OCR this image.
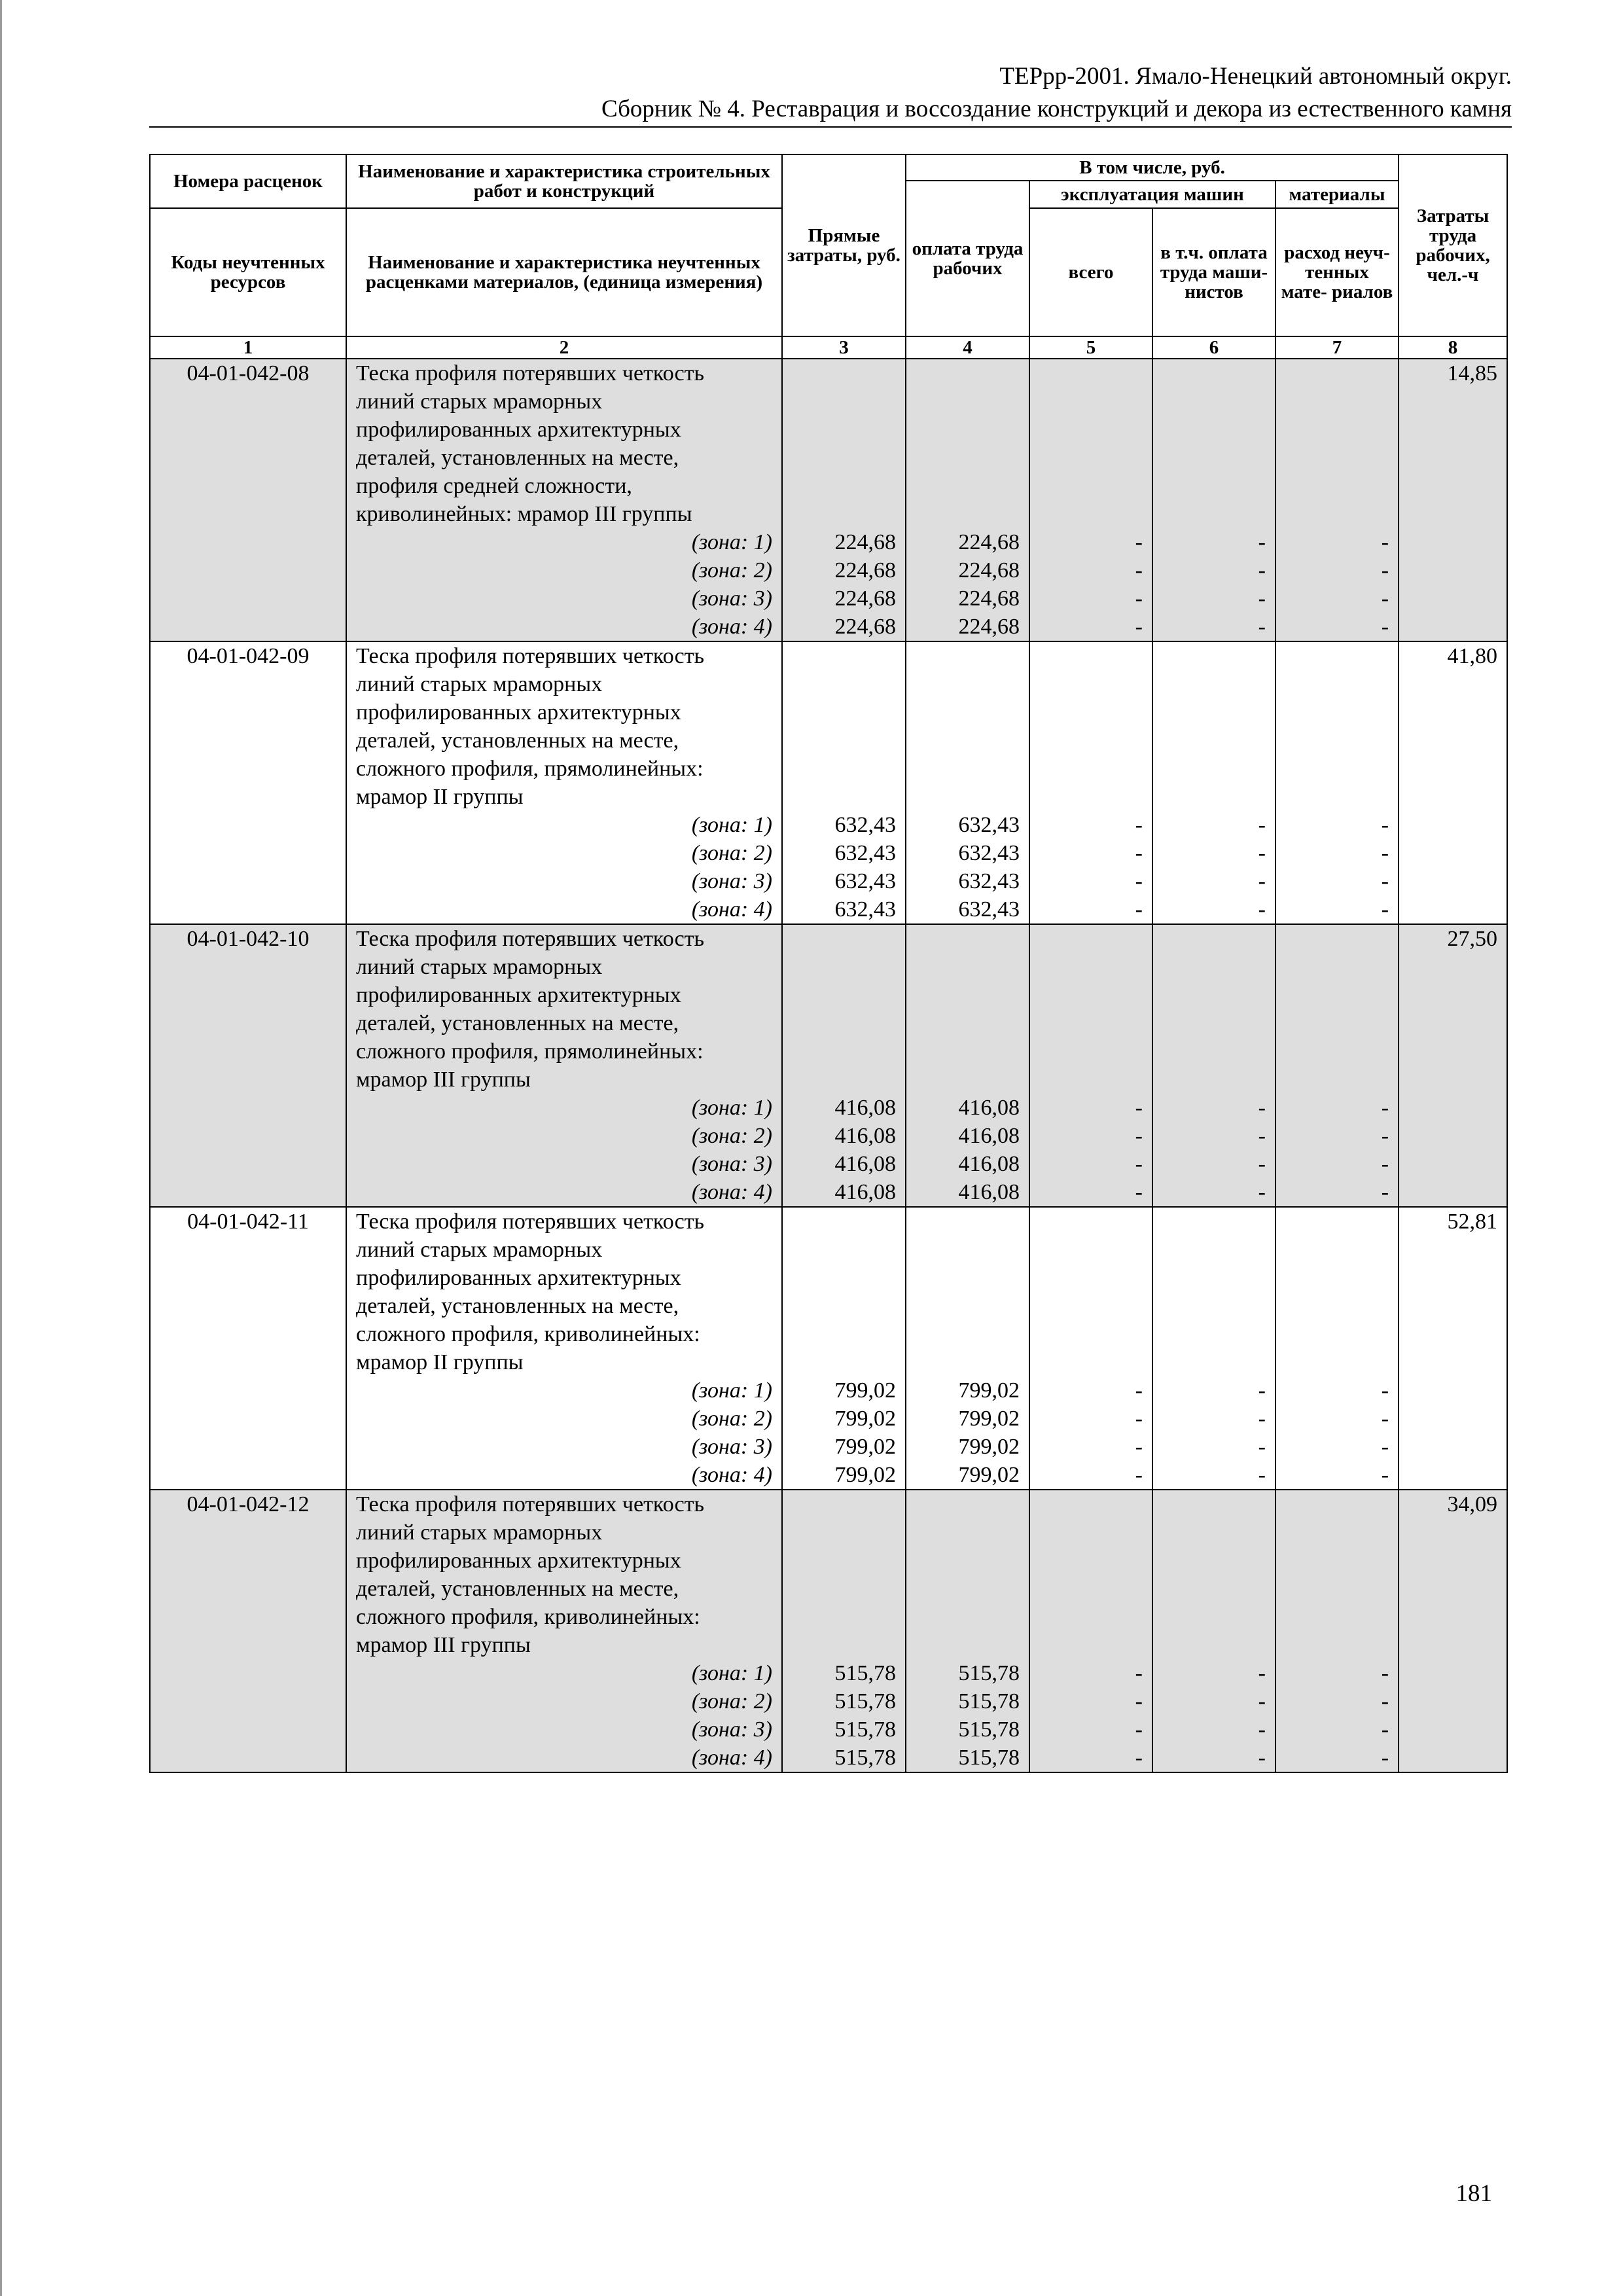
ТЕРрр-2001. Ямало-Ненецкий автономный округ.
Сборник № 4. Реставрация и воссоздание конструкций и декора из естественного камня
Номера расценок	Наименование и характеристика строительных работ и конструкций	Прямые затраты, руб.	В том числе, руб.				Затраты труда рабочих, чел.-ч
			оплата труда рабочих	эксплуатация машин		материалы	
Коды неучтенных ресурсов	Наименование и характеристика неучтенных расценками материалов, (единица измерения)			всего	в т.ч. оплата труда маши- нистов	расход неуч- тенных мате- риалов	

1	2	3	4	5	6	7	8
04-01-042-08	Теска профиля потерявших четкость						14,85
	линий старых мраморных						
	профилированных архитектурных						
	деталей, установленных на месте,						
	профиля средней сложности,						
	криволинейных: мрамор III группы						
	(зона: 1)	224,68	224,68	-	-	-	
	(зона: 2)	224,68	224,68	-	-	-	
	(зона: 3)	224,68	224,68	-	-	-	
	(зона: 4)	224,68	224,68	-	-	-	
04-01-042-09	Теска профиля потерявших четкость						41,80
	линий старых мраморных						
	профилированных архитектурных						
	деталей, установленных на месте,						
	сложного профиля, прямолинейных:						
	мрамор II группы						
	(зона: 1)	632,43	632,43	-	-	-	
	(зона: 2)	632,43	632,43	-	-	-	
	(зона: 3)	632,43	632,43	-	-	-	
	(зона: 4)	632,43	632,43	-	-	-	
04-01-042-10	Теска профиля потерявших четкость						27,50
	линий старых мраморных						
	профилированных архитектурных						
	деталей, установленных на месте,						
	сложного профиля, прямолинейных:						
	мрамор III группы						
	(зона: 1)	416,08	416,08	-	-	-	
	(зона: 2)	416,08	416,08	-	-	-	
	(зона: 3)	416,08	416,08	-	-	-	
	(зона: 4)	416,08	416,08	-	-	-	
04-01-042-11	Теска профиля потерявших четкость						52,81
	линий старых мраморных						
	профилированных архитектурных						
	деталей, установленных на месте,						
	сложного профиля, криволинейных:						
	мрамор II группы						
	(зона: 1)	799,02	799,02	-	-	-	
	(зона: 2)	799,02	799,02	-	-	-	
	(зона: 3)	799,02	799,02	-	-	-	
	(зона: 4)	799,02	799,02	-	-	-	
04-01-042-12	Теска профиля потерявших четкость						34,09
	линий старых мраморных						
	профилированных архитектурных						
	деталей, установленных на месте,						
	сложного профиля, криволинейных:						
	мрамор III группы						
	(зона: 1)	515,78	515,78	-	-	-	
	(зона: 2)	515,78	515,78	-	-	-	
	(зона: 3)	515,78	515,78	-	-	-	
	(зона: 4)	515,78	515,78	-	-	-	
181
